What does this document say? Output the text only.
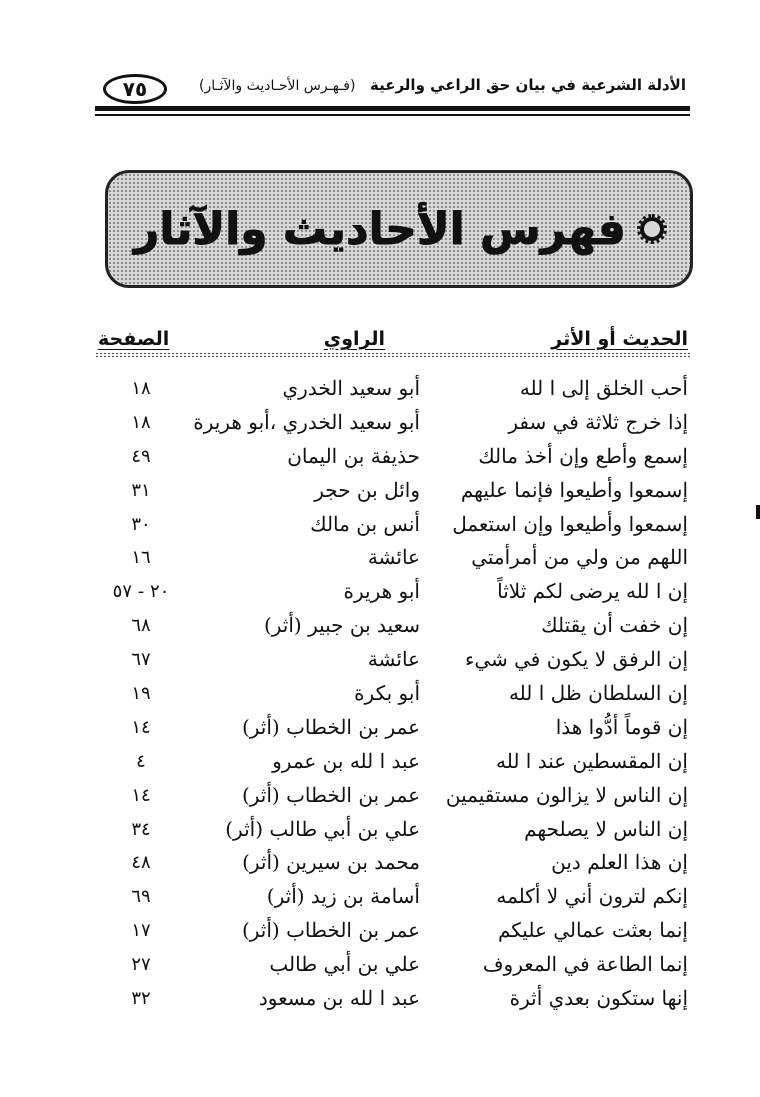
٧٥	(فـهـرس الأحـاديث والآثـار) الأدلة الشرعية في بيان حق الراعي والرعية
فهرس الأحاديث والآثار
الحديث أو الأثر
الراوي
الصفحة
أحب الخلق إلى ا لله
أبو سعيد الخدري
١٨
إذا خرج ثلاثة في سفر
أبو سعيد الخدري ،أبو هريرة
١٨
إسمع وأطع وإن أخذ مالك
حذيفة بن اليمان
٤٩
إسمعوا وأطيعوا فإنما عليهم
وائل بن حجر
٣١
إسمعوا وأطيعوا وإن استعمل
أنس بن مالك
٣٠
اللهم من ولي من أمرأمتي
عائشة
١٦
إن ا لله يرضى لكم ثلاثاً
أبو هريرة
٢٠ - ٥٧
إن خفت أن يقتلك
سعيد بن جبير (أثر)
٦٨
إن الرفق لا يكون في شيء
عائشة
٦٧
إن السلطان ظل ا لله
أبو بكرة
١٩
إن قوماً أدُّوا هذا
عمر بن الخطاب (أثر)
١٤
إن المقسطين عند ا لله
عبد ا لله بن عمرو
٤
إن الناس لا يزالون مستقيمين
عمر بن الخطاب (أثر)
١٤
إن الناس لا يصلحهم
علي بن أبي طالب (أثر)
٣٤
إن هذا العلم دين
محمد بن سيرين (أثر)
٤٨
إنكم لترون أني لا أكلمه
أسامة بن زيد (أثر)
٦٩
إنما بعثت عمالي عليكم
عمر بن الخطاب (أثر)
١٧
إنما الطاعة في المعروف
علي بن أبي طالب
٢٧
إنها ستكون بعدي أثرة
عبد ا لله بن مسعود
٣٢
